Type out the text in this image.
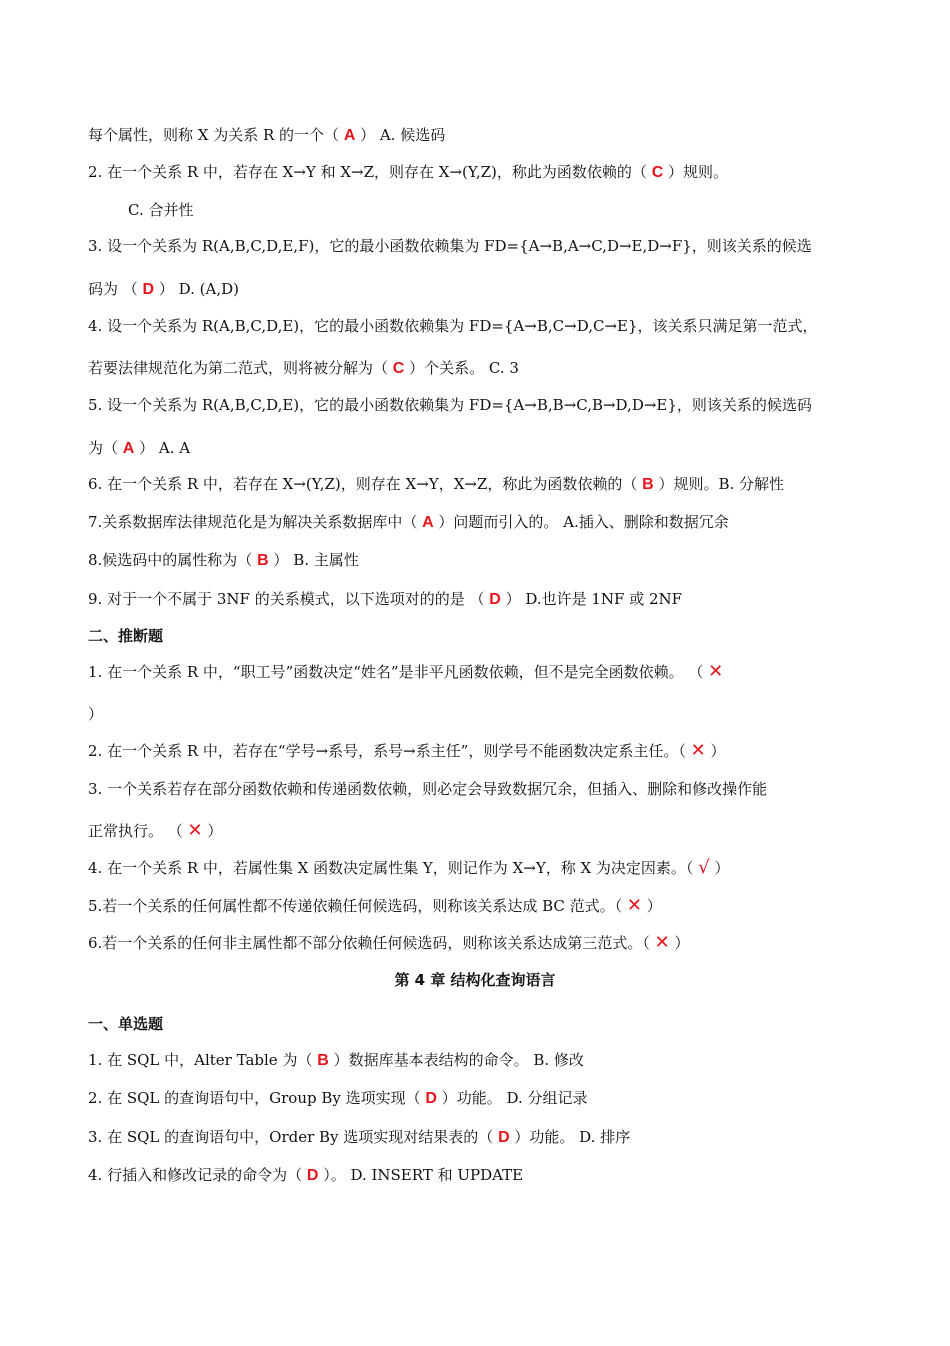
每个属性，则称 X 为关系 R 的一个（ A ） A. 候选码
2. 在一个关系 R 中，若存在 X→Y 和 X→Z，则存在 X→(Y,Z)，称此为函数依赖的（ C ）规则。
C. 合并性
3. 设一个关系为 R(A,B,C,D,E,F)，它的最小函数依赖集为 FD={A→B,A→C,D→E,D→F}，则该关系的候选
码为 （ D ） D. (A,D)
4. 设一个关系为 R(A,B,C,D,E)，它的最小函数依赖集为 FD={A→B,C→D,C→E}，该关系只满足第一范式，
若要法律规范化为第二范式，则将被分解为（ C ）个关系。 C. 3
5. 设一个关系为 R(A,B,C,D,E)，它的最小函数依赖集为 FD={A→B,B→C,B→D,D→E}，则该关系的候选码
为（ A ） A. A
6. 在一个关系 R 中，若存在 X→(Y,Z)，则存在 X→Y，X→Z，称此为函数依赖的（ B ）规则。B. 分解性
7.关系数据库法律规范化是为解决关系数据库中（ A ）问题而引入的。 A.插入、删除和数据冗余
8.候选码中的属性称为（ B ） B. 主属性
9. 对于一个不属于 3NF 的关系模式，以下选项对的的是 （ D ） D.也许是 1NF 或 2NF
二、推断题
1. 在一个关系 R 中，“职工号”函数决定“姓名”是非平凡函数依赖，但不是完全函数依赖。 （ ✕
）
2. 在一个关系 R 中，若存在“学号→系号，系号→系主任”，则学号不能函数决定系主任。（ ✕ ）
3. 一个关系若存在部分函数依赖和传递函数依赖，则必定会导致数据冗余，但插入、删除和修改操作能
正常执行。 （ ✕ ）
4. 在一个关系 R 中，若属性集 X 函数决定属性集 Y，则记作为 X→Y，称 X 为决定因素。（ √ ）
5.若一个关系的任何属性都不传递依赖任何候选码，则称该关系达成 BC 范式。（ ✕ ）
6.若一个关系的任何非主属性都不部分依赖任何候选码，则称该关系达成第三范式。（ ✕ ）
第 4 章 结构化查询语言
一、单选题
1. 在 SQL 中，Alter Table 为（ B ）数据库基本表结构的命令。 B. 修改
2. 在 SQL 的查询语句中，Group By 选项实现（ D ）功能。 D. 分组记录
3. 在 SQL 的查询语句中，Order By 选项实现对结果表的（ D ）功能。 D. 排序
4. 行插入和修改记录的命令为（ D ）。 D. INSERT 和 UPDATE
